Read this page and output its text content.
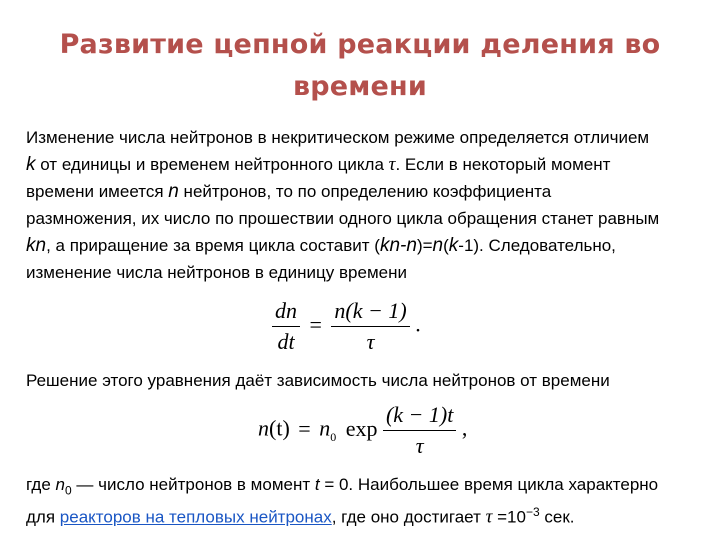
Развитие цепной реакции деления во
времени
Изменение числа нейтронов в некритическом режиме определяется отличием
k от единицы и временем нейтронного цикла τ. Если в некоторый момент
времени имеется n нейтронов, то по определению коэффициента
размножения, их число по прошествии одного цикла обращения станет равным
kn, а приращение за время цикла составит (kn-n)=n(k-1). Следовательно,
изменение числа нейтронов в единицу времени
$\frac{dn}{dt} = \frac{n(k - 1)}{\tau}$ .
Решение этого уравнения даёт зависимость числа нейтронов от времени
$n(t) = n_0$ $\exp \frac{(k - 1)t}{\tau}$ ,
где $n_0$ — число нейтронов в момент t = 0. Наибольшее время цикла характерно
для реакторов на тепловых нейтронах, где оно достигает $\tau =10^{-3}$ сек.
